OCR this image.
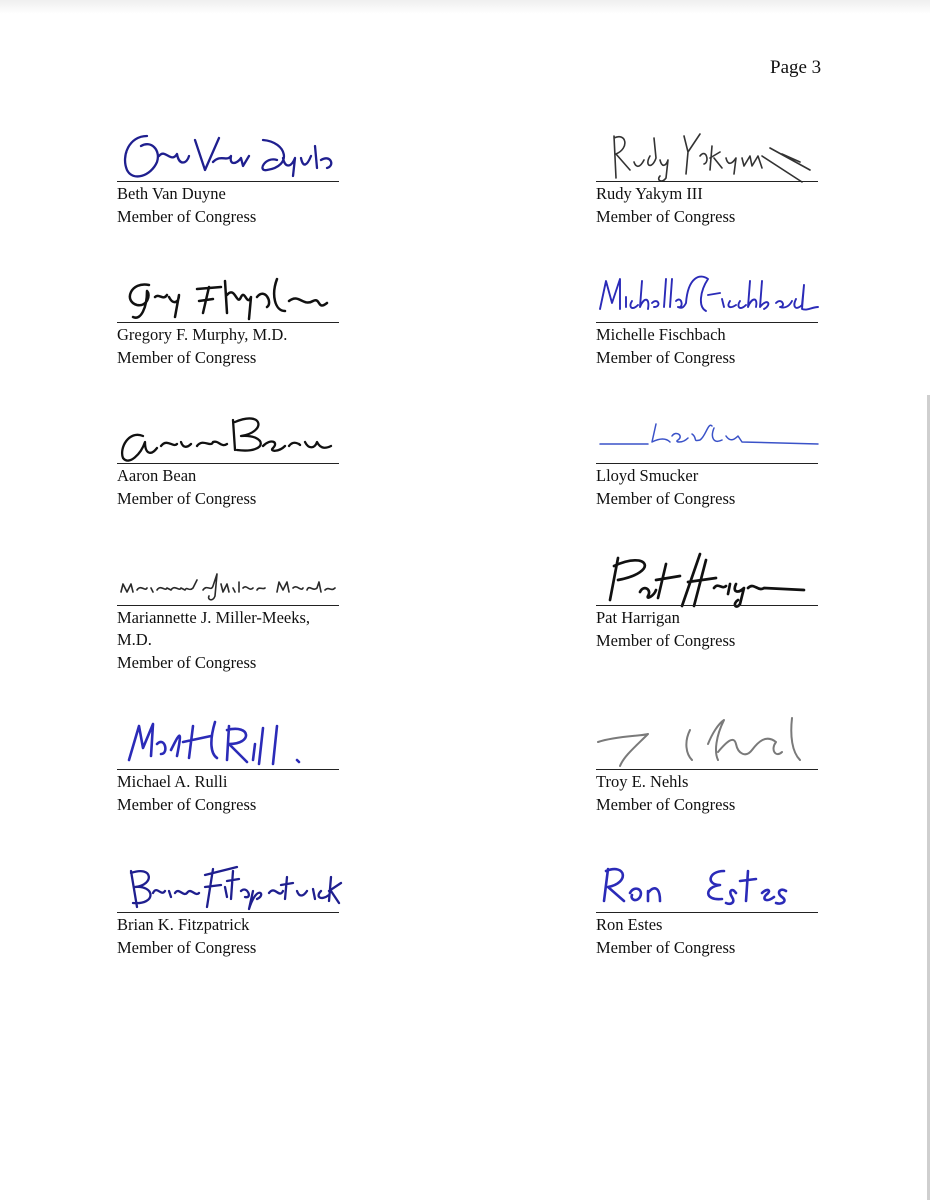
Page 3
Beth Van Duyne
Member of Congress
Gregory F. Murphy, M.D.
Member of Congress
Aaron Bean
Member of Congress
Mariannette J. Miller-Meeks, M.D.
Member of Congress
Michael A. Rulli
Member of Congress
Brian K. Fitzpatrick
Member of Congress
Rudy Yakym III
Member of Congress
Michelle Fischbach
Member of Congress
Lloyd Smucker
Member of Congress
Pat Harrigan
Member of Congress
Troy E. Nehls
Member of Congress
Ron Estes
Member of Congress
